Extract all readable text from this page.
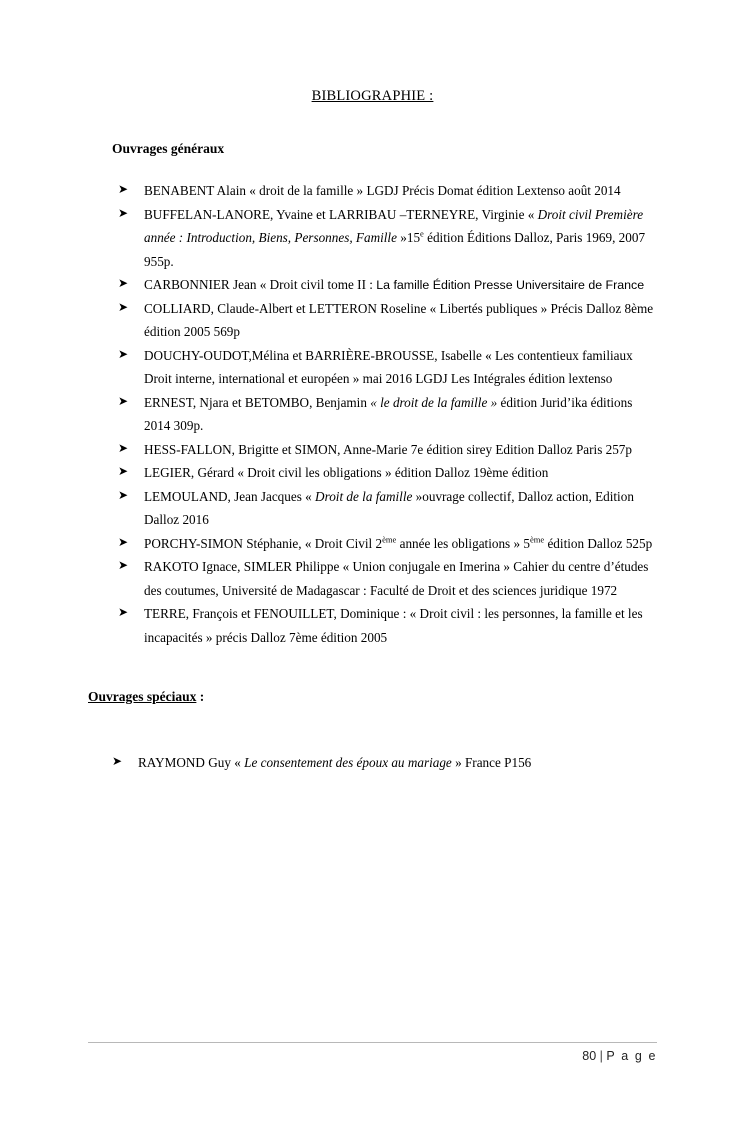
BIBLIOGRAPHIE :
Ouvrages généraux
➤ BENABENT Alain « droit de la famille » LGDJ Précis Domat édition Lextenso août 2014
➤ BUFFELAN-LANORE, Yvaine et LARRIBAU –TERNEYRE, Virginie « Droit civil Première année : Introduction, Biens, Personnes, Famille »15e édition Éditions Dalloz, Paris 1969, 2007 955p.
➤ CARBONNIER Jean « Droit civil tome II : La famille Édition Presse Universitaire de France
➤ COLLIARD, Claude-Albert et LETTERON Roseline « Libertés publiques » Précis Dalloz 8ème édition 2005 569p
➤ DOUCHY-OUDOT,Mélina et BARRIÈRE-BROUSSE, Isabelle « Les contentieux familiaux Droit interne, international et européen » mai 2016 LGDJ Les Intégrales édition lextenso
➤ ERNEST, Njara et BETOMBO, Benjamin « le droit de la famille » édition Jurid’ika éditions 2014 309p.
➤ HESS-FALLON, Brigitte et SIMON, Anne-Marie 7e édition sirey Edition Dalloz Paris 257p
➤ LEGIER, Gérard « Droit civil les obligations » édition Dalloz 19ème édition
➤ LEMOULAND, Jean Jacques « Droit de la famille »ouvrage collectif, Dalloz action, Edition Dalloz 2016
➤ PORCHY-SIMON Stéphanie, « Droit Civil 2ème année les obligations » 5ème édition Dalloz 525p
➤ RAKOTO Ignace, SIMLER Philippe « Union conjugale en Imerina » Cahier du centre d’études des coutumes, Université de Madagascar : Faculté de Droit et des sciences juridique 1972
➤ TERRE, François et FENOUILLET, Dominique : « Droit civil : les personnes, la famille et les incapacités » précis Dalloz 7ème édition 2005
Ouvrages spéciaux :
➤ RAYMOND Guy « Le consentement des époux au mariage » France P156
80 | P a g e
